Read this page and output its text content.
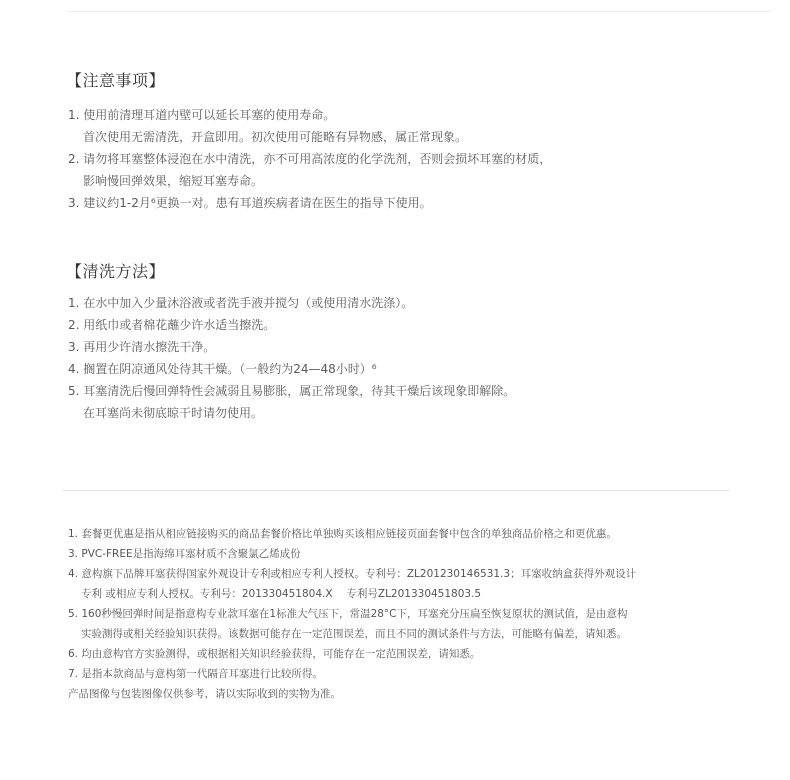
【注意事项】
1. 使用前清理耳道内壁可以延长耳塞的使用寿命。
首次使用无需清洗，开盒即用。初次使用可能略有异物感，属正常现象。
2. 请勿将耳塞整体浸泡在水中清洗，亦不可用高浓度的化学洗剂，否则会损坏耳塞的材质，
影响慢回弹效果，缩短耳塞寿命。
3. 建议约1-2月⁶更换一对。患有耳道疾病者请在医生的指导下使用。
【清洗方法】
1. 在水中加入少量沐浴液或者洗手液并搅匀（或使用清水洗涤）。
2. 用纸巾或者棉花蘸少许水适当擦洗。
3. 再用少许清水擦洗干净。
4. 搁置在阴凉通风处待其干燥。（一般约为24—48小时）⁶
5. 耳塞清洗后慢回弹特性会减弱且易膨胀，属正常现象，待其干燥后该现象即解除。
在耳塞尚未彻底晾干时请勿使用。
1. 套餐更优惠是指从相应链接购买的商品套餐价格比单独购买该相应链接页面套餐中包含的单独商品价格之和更优惠。
3. PVC-FREE是指海绵耳塞材质不含聚氯乙烯成份
4. 意构旗下品牌耳塞获得国家外观设计专利或相应专利人授权。专利号：ZL201230146531.3；耳塞收纳盒获得外观设计
专利 或相应专利人授权。专利号：201330451804.X　 专利号ZL201330451803.5
5. 160秒慢回弹时间是指意构专业款耳塞在1标准大气压下，常温28°C下，耳塞充分压扁至恢复原状的测试值，是由意构
实验测得或相关经验知识获得。该数据可能存在一定范围误差，而且不同的测试条件与方法，可能略有偏差，请知悉。
6. 均由意构官方实验测得，或根据相关知识经验获得，可能存在一定范围误差，请知悉。
7. 是指本款商品与意构第一代隔音耳塞进行比较所得。
产品图像与包装图像仅供参考，请以实际收到的实物为准。
